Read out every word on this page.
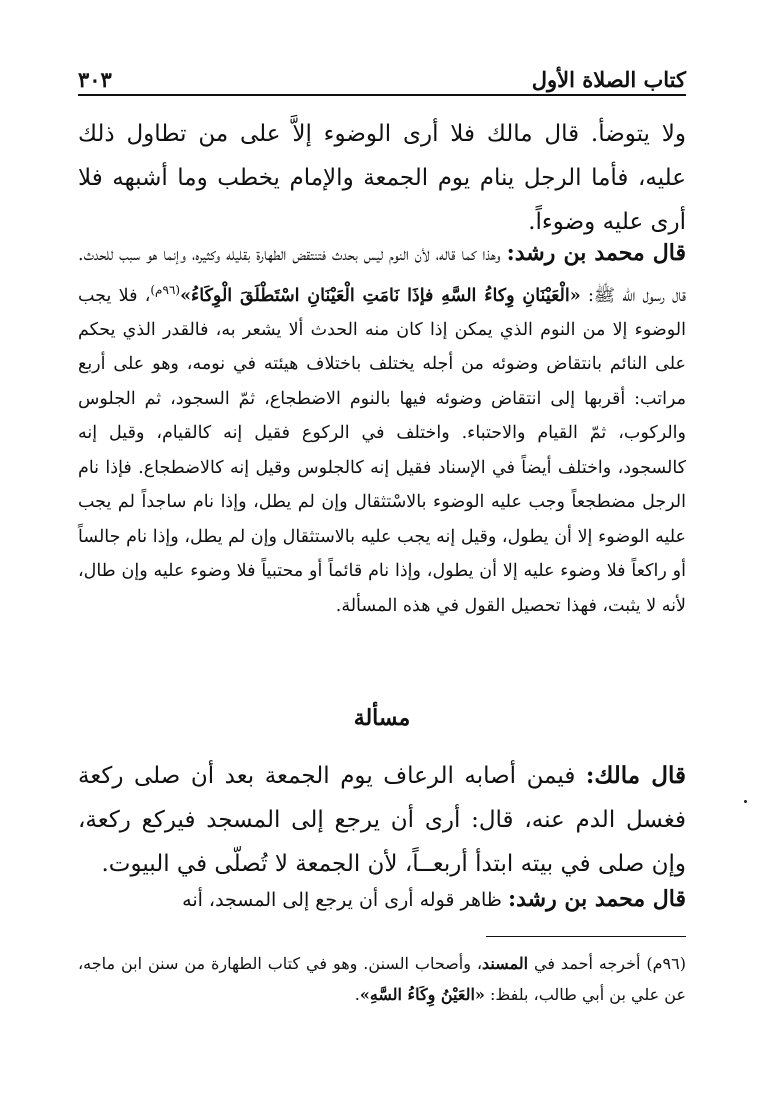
كتاب الصلاة الأول
٣٠٣
ولا يتوضأ. قال مالك فلا أرى الوضوء إلاَّ على من تطاول ذلك عليه، فأما الرجل ينام يوم الجمعة والإمام يخطب وما أشبهه فلا أرى عليه وضوءاً.
قال محمد بن رشد: وهذا كما قاله، لأن النوم ليس بحدث فتنتقض الطهارة بقليله وكثيره، وإنما هو سبب للحدث. قال رسول الله ﷺ: «الْعَيْنَانِ وِكاءُ السَّهِ فإذَا نَامَتِ الْعَيْنَانِ اسْتَطْلَقَ الْوِكَاءُ»$^{(٩٦م)}$، فلا يجب الوضوء إلا من النوم الذي يمكن إذا كان منه الحدث ألا يشعر به، فالقدر الذي يحكم على النائم بانتقاض وضوئه من أجله يختلف باختلاف هيئته في نومه، وهو على أربع مراتب: أقربها إلى انتقاض وضوئه فيها بالنوم الاضطجاع، ثمّ السجود، ثم الجلوس والركوب، ثمّ القيام والاحتباء. واختلف في الركوع فقيل إنه كالقيام، وقيل إنه كالسجود، واختلف أيضاً في الإسناد فقيل إنه كالجلوس وقيل إنه كالاضطجاع. فإذا نام الرجل مضطجعاً وجب عليه الوضوء بالاسْتثقال وإن لم يطل، وإذا نام ساجداً لم يجب عليه الوضوء إلا أن يطول، وقيل إنه يجب عليه بالاستثقال وإن لم يطل، وإذا نام جالساً أو راكعاً فلا وضوء عليه إلا أن يطول، وإذا نام قائماً أو محتبياً فلا وضوء عليه وإن طال، لأنه لا يثبت، فهذا تحصيل القول في هذه المسألة.
مسألة
قال مالك: فيمن أصابه الرعاف يوم الجمعة بعد أن صلى ركعة فغسل الدم عنه، قال: أرى أن يرجع إلى المسجد فيركع ركعة، وإن صلى في بيته ابتدأ أربعــاً، لأن الجمعة لا تُصلّى في البيوت.
قال محمد بن رشد: ظاهر قوله أرى أن يرجع إلى المسجد، أنه
(٩٦م) أخرجه أحمد في المسند، وأصحاب السنن. وهو في كتاب الطهارة من سنن ابن ماجه، عن علي بن أبي طالب، بلفظ: «العَيْنُ وِكَاءُ السَّهِ».
